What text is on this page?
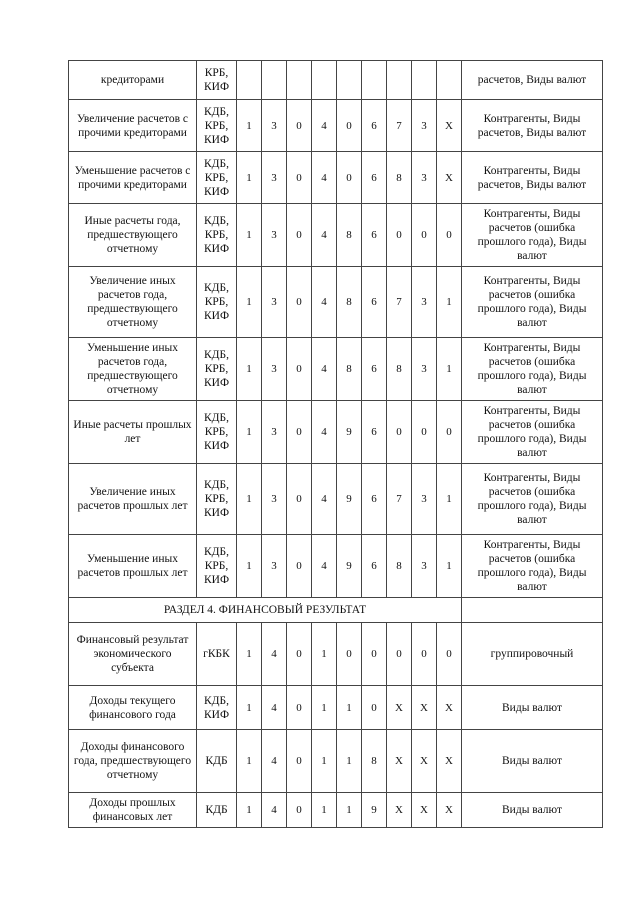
кредиторами	КРБ, КИФ										расчетов, Виды валют
Увеличение расчетов с прочими кредиторами	КДБ, КРБ, КИФ	1	3	0	4	0	6	7	3	X	Контрагенты, Виды расчетов, Виды валют
Уменьшение расчетов с прочими кредиторами	КДБ, КРБ, КИФ	1	3	0	4	0	6	8	3	X	Контрагенты, Виды расчетов, Виды валют
Иные расчеты года, предшествующего отчетному	КДБ, КРБ, КИФ	1	3	0	4	8	6	0	0	0	Контрагенты, Виды расчетов (ошибка прошлого года), Виды валют
Увеличение иных расчетов года, предшествующего отчетному	КДБ, КРБ, КИФ	1	3	0	4	8	6	7	3	1	Контрагенты, Виды расчетов (ошибка прошлого года), Виды валют
Уменьшение иных расчетов года, предшествующего отчетному	КДБ, КРБ, КИФ	1	3	0	4	8	6	8	3	1	Контрагенты, Виды расчетов (ошибка прошлого года), Виды валют
Иные расчеты прошлых лет	КДБ, КРБ, КИФ	1	3	0	4	9	6	0	0	0	Контрагенты, Виды расчетов (ошибка прошлого года), Виды валют
Увеличение иных расчетов прошлых лет	КДБ, КРБ, КИФ	1	3	0	4	9	6	7	3	1	Контрагенты, Виды расчетов (ошибка прошлого года), Виды валют
Уменьшение иных расчетов прошлых лет	КДБ, КРБ, КИФ	1	3	0	4	9	6	8	3	1	Контрагенты, Виды расчетов (ошибка прошлого года), Виды валют
РАЗДЕЛ 4. ФИНАНСОВЫЙ РЕЗУЛЬТАТ											
Финансовый результат экономического субъекта	гКБК	1	4	0	1	0	0	0	0	0	группировочный
Доходы текущего финансового года	КДБ, КИФ	1	4	0	1	1	0	X	X	X	Виды валют
Доходы финансового года, предшествующего отчетному	КДБ	1	4	0	1	1	8	X	X	X	Виды валют
Доходы прошлых финансовых лет	КДБ	1	4	0	1	1	9	X	X	X	Виды валют
